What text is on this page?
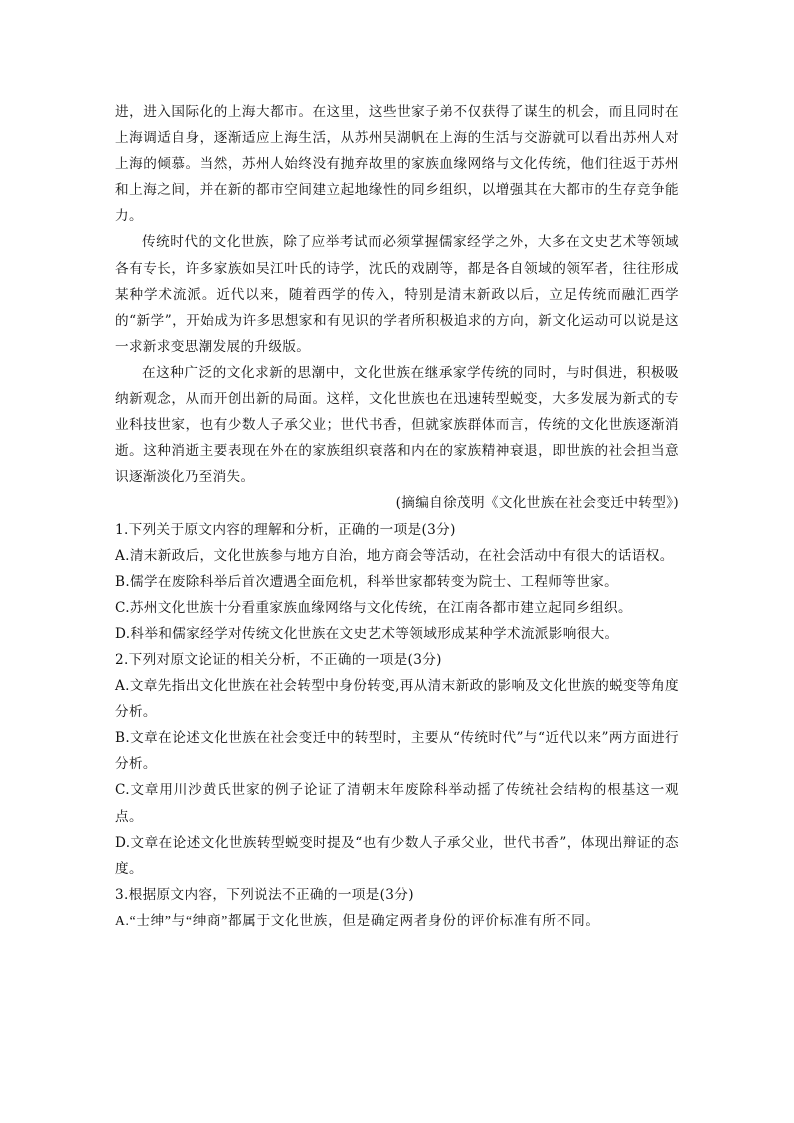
进，进入国际化的上海大都市。在这里，这些世家子弟不仅获得了谋生的机会，而且同时在上海调适自身，逐渐适应上海生活，从苏州吴湖帆在上海的生活与交游就可以看出苏州人对上海的倾慕。当然，苏州人始终没有抛弃故里的家族血缘网络与文化传统，他们往返于苏州和上海之间，并在新的都市空间建立起地缘性的同乡组织，以增强其在大都市的生存竞争能力。

传统时代的文化世族，除了应举考试而必须掌握儒家经学之外，大多在文史艺术等领域各有专长，许多家族如吴江叶氏的诗学，沈氏的戏剧等，都是各自领域的领军者，往往形成某种学术流派。近代以来，随着西学的传入，特别是清末新政以后，立足传统而融汇西学的“新学”，开始成为许多思想家和有见识的学者所积极追求的方向，新文化运动可以说是这一求新求变思潮发展的升级版。

在这种广泛的文化求新的思潮中，文化世族在继承家学传统的同时，与时俱进，积极吸纳新观念，从而开创出新的局面。这样，文化世族也在迅速转型蜕变，大多发展为新式的专业科技世家，也有少数人子承父业；世代书香，但就家族群体而言，传统的文化世族逐渐消逝。这种消逝主要表现在外在的家族组织衰落和内在的家族精神衰退，即世族的社会担当意识逐渐淡化乃至消失。

(摘编自徐茂明《文化世族在社会变迁中转型》)

1.下列关于原文内容的理解和分析，正确的一项是(3分)

A.清末新政后，文化世族参与地方自治，地方商会等活动，在社会活动中有很大的话语权。

B.儒学在废除科举后首次遭遇全面危机，科举世家都转变为院士、工程师等世家。

C.苏州文化世族十分看重家族血缘网络与文化传统，在江南各都市建立起同乡组织。

D.科举和儒家经学对传统文化世族在文史艺术等领域形成某种学术流派影响很大。

2.下列对原文论证的相关分析，不正确的一项是(3分)

A.文章先指出文化世族在社会转型中身份转变,再从清末新政的影响及文化世族的蜕变等角度分析。

B.文章在论述文化世族在社会变迁中的转型时，主要从“传统时代”与“近代以来”两方面进行分析。

C.文章用川沙黄氏世家的例子论证了清朝末年废除科举动摇了传统社会结构的根基这一观点。

D.文章在论述文化世族转型蜕变时提及“也有少数人子承父业，世代书香”，体现出辩证的态度。

3.根据原文内容，下列说法不正确的一项是(3分)

A.“士绅”与“绅商”都属于文化世族，但是确定两者身份的评价标准有所不同。
